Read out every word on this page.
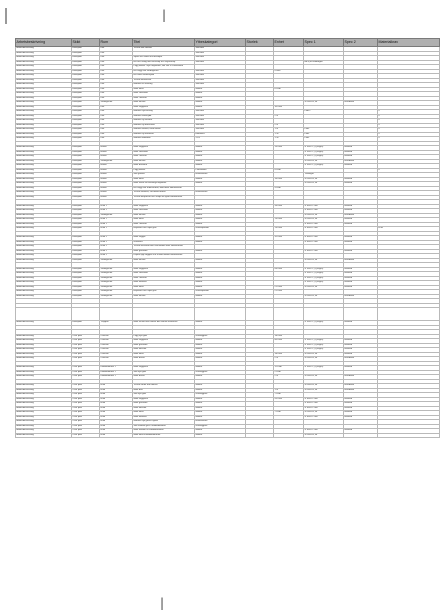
|
Arbetsbeskrivning	Skikt	Rum	Titel	Ytbeskategori	Storlek	Enhet	Spec 1	Spec 2	Materialkrav
Arbetsbeskrivning	Entréplan	Kök	Ta bort alla vitvaror	Snickare					
Arbetsbeskrivning	Entréplan	Kök		Snickare					
Arbetsbeskrivning	Entréplan	Kök	Spara och måla ursrunskåpor	Snickare					
Arbetsbeskrivning	Entréplan	Kök	Riv och stäng alla överskåp och skynkskåp	Snickare			Bd tij at handtagen		
Arbetsbeskrivning	Entréplan	Kök	Lägg klinker i nya utrymmen, där ska vi Plattsättare						
Arbetsbeskrivning	Entréplan	Kök	Riv vägg mot vardagsrum	Snickare		4 kvm			
Arbetsbeskrivning	Entréplan	Kök	Riv vakal stänkskydd	Snickare					
Arbetsbeskrivning	Entréplan	Kök	Ta bort bänkskivor	Snickare					
Arbetsbeskrivning	Entréplan	Kök	Montera ev overtag	Snickare					
Arbetsbeskrivning	Entréplan	Kök	Måla taket	Målare		6 Kvm			
Arbetsbeskrivning	Entréplan	Kök	Måla Golvlister	Målare					
Arbetsbeskrivning	Entréplan	Kök	Måla Taklister	Målare					
Arbetsbeskrivning	Entréplan	Vardagsrum	Måla fönster	Målare			S 0500-N, vit	Halvblank	
Arbetsbeskrivning	Entréplan	Kök	Måla väggarna	Målare		10 Kvm			
Arbetsbeskrivning	Entréplan	Kök	Montera nya beslag	Snickare			Lamt?		x
Arbetsbeskrivning	Entréplan	Kök	Montera fläkskydd	Snickare		2 st			x
Arbetsbeskrivning	Entréplan	Kök	Montera ny vitvaror	Snickare					x
Arbetsbeskrivning	Entréplan	Kök	Montera ny bänkskiva	Snickare		2 st			x
Arbetsbeskrivning	Entréplan	Kök	Montera diskho, med arbets	Snickare		1 st	Lans		x
Arbetsbeskrivning	Entréplan	Kök	Montera ny köksfläkt	Elektriker		1 St	Lans		x
Arbetsbeskrivning	Entréplan	Kök	Montera blandare	VVS		1 St	Lans		x

Arbetsbeskrivning	Entréplan	Hallen	Måla väggarna	Målare		15 Kvm	S 1002-Y, (Ljusgrå)	Helmatt	
Arbetsbeskrivning	Entréplan	Hallen	Måla Golvlister	Målare			S 1002-Y, (Ljusgrå)	Helmatt	
Arbetsbeskrivning	Entréplan	Hallen	Måla Taklister	Målare			S 1002-Y, (Ljusgrå)	Helmatt	
Arbetsbeskrivning	Entréplan	Vardagsrum	Måla fönster	Målare			S 0500-N, vit	Halvblank	
Arbetsbeskrivning	Entréplan	Hallen	Måla dörrarna	Målare			S 1002-Y, (Ljusgrå)	Helmatt	
Arbetsbeskrivning	Entréplan	Hallen	Lägg klinker	Plattsättare		4 Kvm			x
Arbetsbeskrivning	Entréplan	Hallen	Sätt golvlist	Hantverkare			Trälanget		
Arbetsbeskrivning	Entréplan	Hallen	Måla taket	Målare		16 Kvm	S 0500-N, vit	Helmatt	
Arbetsbeskrivning	Entréplan	Hallen	Måla kuvor till förvaringsutrymmet	Målare			S 0500-N, vit	Helmatt	
Arbetsbeskrivning	Entréplan	Hallen	Riv vägg mot arbetsrumm, bidz denn Hantverkare			5 Kvm			
Arbetsbeskrivning	Entréplan	Hallen	Ta bort element, vid andra dörren	Hantverkare					
Arbetsbeskrivning	Entréplan	Hallen	Ta bort dörrposter och skapa ett fynte Hantverkare						

Arbetsbeskrivning	Entréplan	Rum 1	Måla väggarna	Målare		33 Kvm	S 3005-Y20R	Helmatt	
Arbetsbeskrivning	Entréplan	Rum 1	Måla Golvlister	Målare			S 3005-Y20R	Helmatt	
Arbetsbeskrivning	Entréplan	Vardagsrum	Måla fönster	Målare			S 0500-N, vit	Halvblank	
Arbetsbeskrivning	Entréplan	Rum 1	Måla taket	Målare		13 Kvm	S 0500-N, vit	Helmatt	
Arbetsbeskrivning	Entréplan	Rum 1	Måla Taklister	Målare			S 3005-Y20R	Helmatt	
Arbetsbeskrivning	Entréplan	Rum 1	Reparera och slipa golv	Golvreparatör		13 Kvm	S 3005-Y20R		ETA

Arbetsbeskrivning	Entréplan	Rum 2	Måla väggar	Målare		32 Kvm	S 3005-Y20R	Helmatt	
Arbetsbeskrivning	Entréplan	Rum 2	Golvlister	Målare			S 3005-Y20R	Helmatt	
Arbetsbeskrivning	Entréplan	Rum 2	Ta bort mossfält men sätt tillbaka efter Hantverkare						
Arbetsbeskrivning	Entréplan	Rum 2	Måla golvlister	Målare			S 3005-Y20R	Helmatt	
Arbetsbeskrivning	Entréplan	Rum 2	Dopna upp väggen och ta bort dörren Hantverkare						
Arbetsbeskrivning	Entréplan	Vardagsrum	Måla fönster	Målare			S 0500-N, vit	Halvblank	

Arbetsbeskrivning	Entréplan	Vardagsrum	Måla väggarna	Målare		44 Kvm	S 1002-Y, (Ljusgrå)	Helmatt	
Arbetsbeskrivning	Entréplan	Vardagsrum	Måla Golvlister	Målare			S 1002-Y, (Ljusgrå)	Helmatt	
Arbetsbeskrivning	Entréplan	Vardagsrum	Måla Taklister	Målare			S 1002-Y, (Ljusgrå)	Helmatt	
Arbetsbeskrivning	Entréplan	Vardagsrum	Måla element	Målare			S 1002-Y, (Ljusgrå)	Helmatt	
Arbetsbeskrivning	Entréplan	Vardagsrum	Måla taket	Målare		21 Kvm	S 0500-N, vit	Helmatt	
Arbetsbeskrivning	Entréplan	Vardagsrum	Reparera och slipa golv	Golvreparatör		21 Kvm			
Arbetsbeskrivning	Entréplan	Vardagsrum	Måla fönster	Målare			S 0500-N, vit	Halvblank	

Arbetsbeskrivning	Entréplan	Trappan	Måla räcket men lämna den mörka trälistarna	Målare			S 1002-Y, (Ljusgrå)	Helmatt	

Arbetsbeskrivning	Övre plan	Övervall	Lägg nytt golv	Golvläggare		18 Kvm			
Arbetsbeskrivning	Övre plan	Övervall	Måla väggarna	Målare		40 Kvm	S 1002-Y, (Ljusgrå)	Helmatt	
Arbetsbeskrivning	Övre plan	Övervall	Måla golvlister	Målare			S 1002-Y, (Ljusgrå)	Helmatt	
Arbetsbeskrivning	Övre plan	Övervall	Måla taklister	Målare			S 1002-Y, (Ljusgrå)	Helmatt	
Arbetsbeskrivning	Övre plan	Övervall	Måla taket	Målare		18 Kvm	S 0500-N, vit	Helmatt	
Arbetsbeskrivning	Övre plan	Övervall	Måla dörrar	Målare		2 st	S 0500-N, vit	Halvblank	

Arbetsbeskrivning	Övre plan	Klädkammare 1	Måla väggarna	Målare		11 Kvm	S 1002-Y, (Ljusgrå)	Helmatt	
Arbetsbeskrivning	Övre plan	Klädkammare 1	Sätt nytt golv	Golvläggare		2 Kvm			
Arbetsbeskrivning	Övre plan	Klädkammare 1	Måla dörrar	Målare		2 st	S 0500-N, vit	Halvblank	

Arbetsbeskrivning	Övre plan	Rum	Ta bort karmt från dörren	Målare			S 0500-N, vit	Halvblank	
Arbetsbeskrivning	Övre plan	Rum	Måla dörr	Målare		1 st	S 0500-N, vit	Halvblank	
Arbetsbeskrivning	Övre plan	Rum	Sätt nytt golv	Golvläggare		7 Kvm			
Arbetsbeskrivning	Övre plan	Rum	Måla väggarna	Målare		20 Kvm	S 3005-Y20R	Helmatt	
Arbetsbeskrivning	Övre plan	Rum	Måla golvlister	Målare			S 3005-Y20R	Helmatt	
Arbetsbeskrivning	Övre plan	Rum	Måla taklister	Målare			S 3005-Y20R	Helmatt	
Arbetsbeskrivning	Övre plan	Rum	Måla taket	Målare		7 Kvm	S 0500-N, vit	Helmatt	
Arbetsbeskrivning	Övre plan	Rum	Måla element	Målare			S 3005-Y20R	Helmatt	
Arbetsbeskrivning	Övre plan	Rum	Montera nyt golvar hyllan	Hantverkare					
Arbetsbeskrivning	Övre plan	Rum	Sätt samma golv i klädkammaren	Golvläggare					
Arbetsbeskrivning	Övre plan	Rum	Måla insidan av klädkammaren	Målare			S 3005-Y20R	Helmatt	
Arbetsbeskrivning	Övre plan	Rum	Måla taket inklädkammaren	Målare			S 0500-N, vit		
|
